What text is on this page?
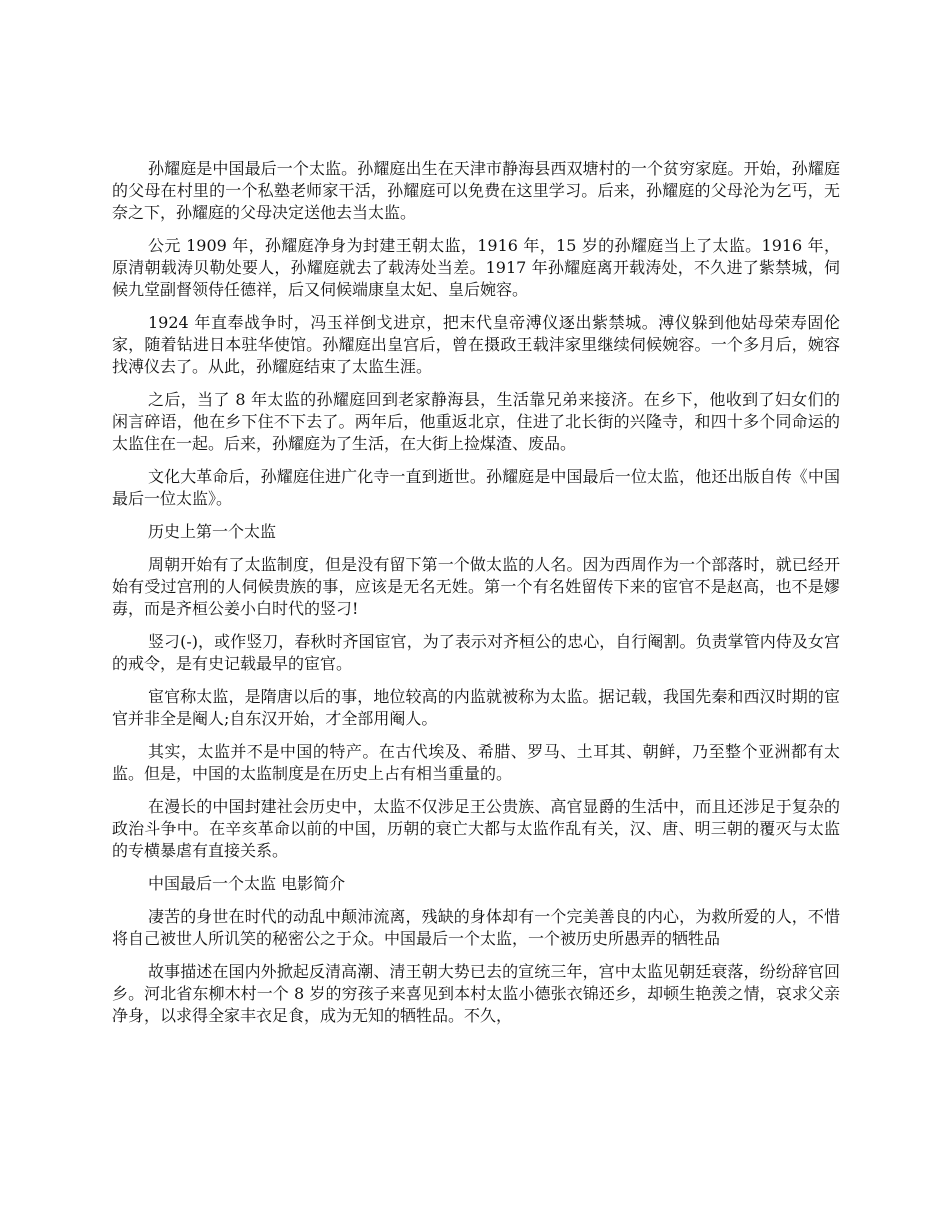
孙耀庭是中国最后一个太监。孙耀庭出生在天津市静海县西双塘村的一个贫穷家庭。开始，孙耀庭的父母在村里的一个私塾老师家干活，孙耀庭可以免费在这里学习。后来，孙耀庭的父母沦为乞丐，无奈之下，孙耀庭的父母决定送他去当太监。

公元 1909 年，孙耀庭净身为封建王朝太监，1916 年，15 岁的孙耀庭当上了太监。1916 年，原清朝载涛贝勒处要人，孙耀庭就去了载涛处当差。1917 年孙耀庭离开载涛处，不久进了紫禁城，伺候九堂副督领侍任德祥，后又伺候端康皇太妃、皇后婉容。

1924 年直奉战争时，冯玉祥倒戈进京，把末代皇帝溥仪逐出紫禁城。溥仪躲到他姑母荣寿固伦家，随着钻进日本驻华使馆。孙耀庭出皇宫后，曾在摄政王载沣家里继续伺候婉容。一个多月后，婉容找溥仪去了。从此，孙耀庭结束了太监生涯。

之后，当了 8 年太监的孙耀庭回到老家静海县，生活靠兄弟来接济。在乡下，他收到了妇女们的闲言碎语，他在乡下住不下去了。两年后，他重返北京，住进了北长街的兴隆寺，和四十多个同命运的太监住在一起。后来，孙耀庭为了生活，在大街上捡煤渣、废品。

文化大革命后，孙耀庭住进广化寺一直到逝世。孙耀庭是中国最后一位太监，他还出版自传《中国最后一位太监》。

历史上第一个太监

周朝开始有了太监制度，但是没有留下第一个做太监的人名。因为西周作为一个部落时，就已经开始有受过宫刑的人伺候贵族的事，应该是无名无姓。第一个有名姓留传下来的宦官不是赵高，也不是嫪毐，而是齐桓公姜小白时代的竖刁!

竖刁(-)，或作竖刀，春秋时齐国宦官，为了表示对齐桓公的忠心，自行阉割。负责掌管内侍及女宫的戒令，是有史记载最早的宦官。

宦官称太监，是隋唐以后的事，地位较高的内监就被称为太监。据记载，我国先秦和西汉时期的宦官并非全是阉人;自东汉开始，才全部用阉人。

其实，太监并不是中国的特产。在古代埃及、希腊、罗马、土耳其、朝鲜，乃至整个亚洲都有太监。但是，中国的太监制度是在历史上占有相当重量的。

在漫长的中国封建社会历史中，太监不仅涉足王公贵族、高官显爵的生活中，而且还涉足于复杂的政治斗争中。在辛亥革命以前的中国，历朝的衰亡大都与太监作乱有关，汉、唐、明三朝的覆灭与太监的专横暴虐有直接关系。

中国最后一个太监 电影简介

凄苦的身世在时代的动乱中颠沛流离，残缺的身体却有一个完美善良的内心，为救所爱的人，不惜将自己被世人所讥笑的秘密公之于众。中国最后一个太监，一个被历史所愚弄的牺牲品

故事描述在国内外掀起反清高潮、清王朝大势已去的宣统三年，宫中太监见朝廷衰落，纷纷辞官回乡。河北省东柳木村一个 8 岁的穷孩子来喜见到本村太监小德张衣锦还乡，却顿生艳羡之情，哀求父亲净身，以求得全家丰衣足食，成为无知的牺牲品。不久，
